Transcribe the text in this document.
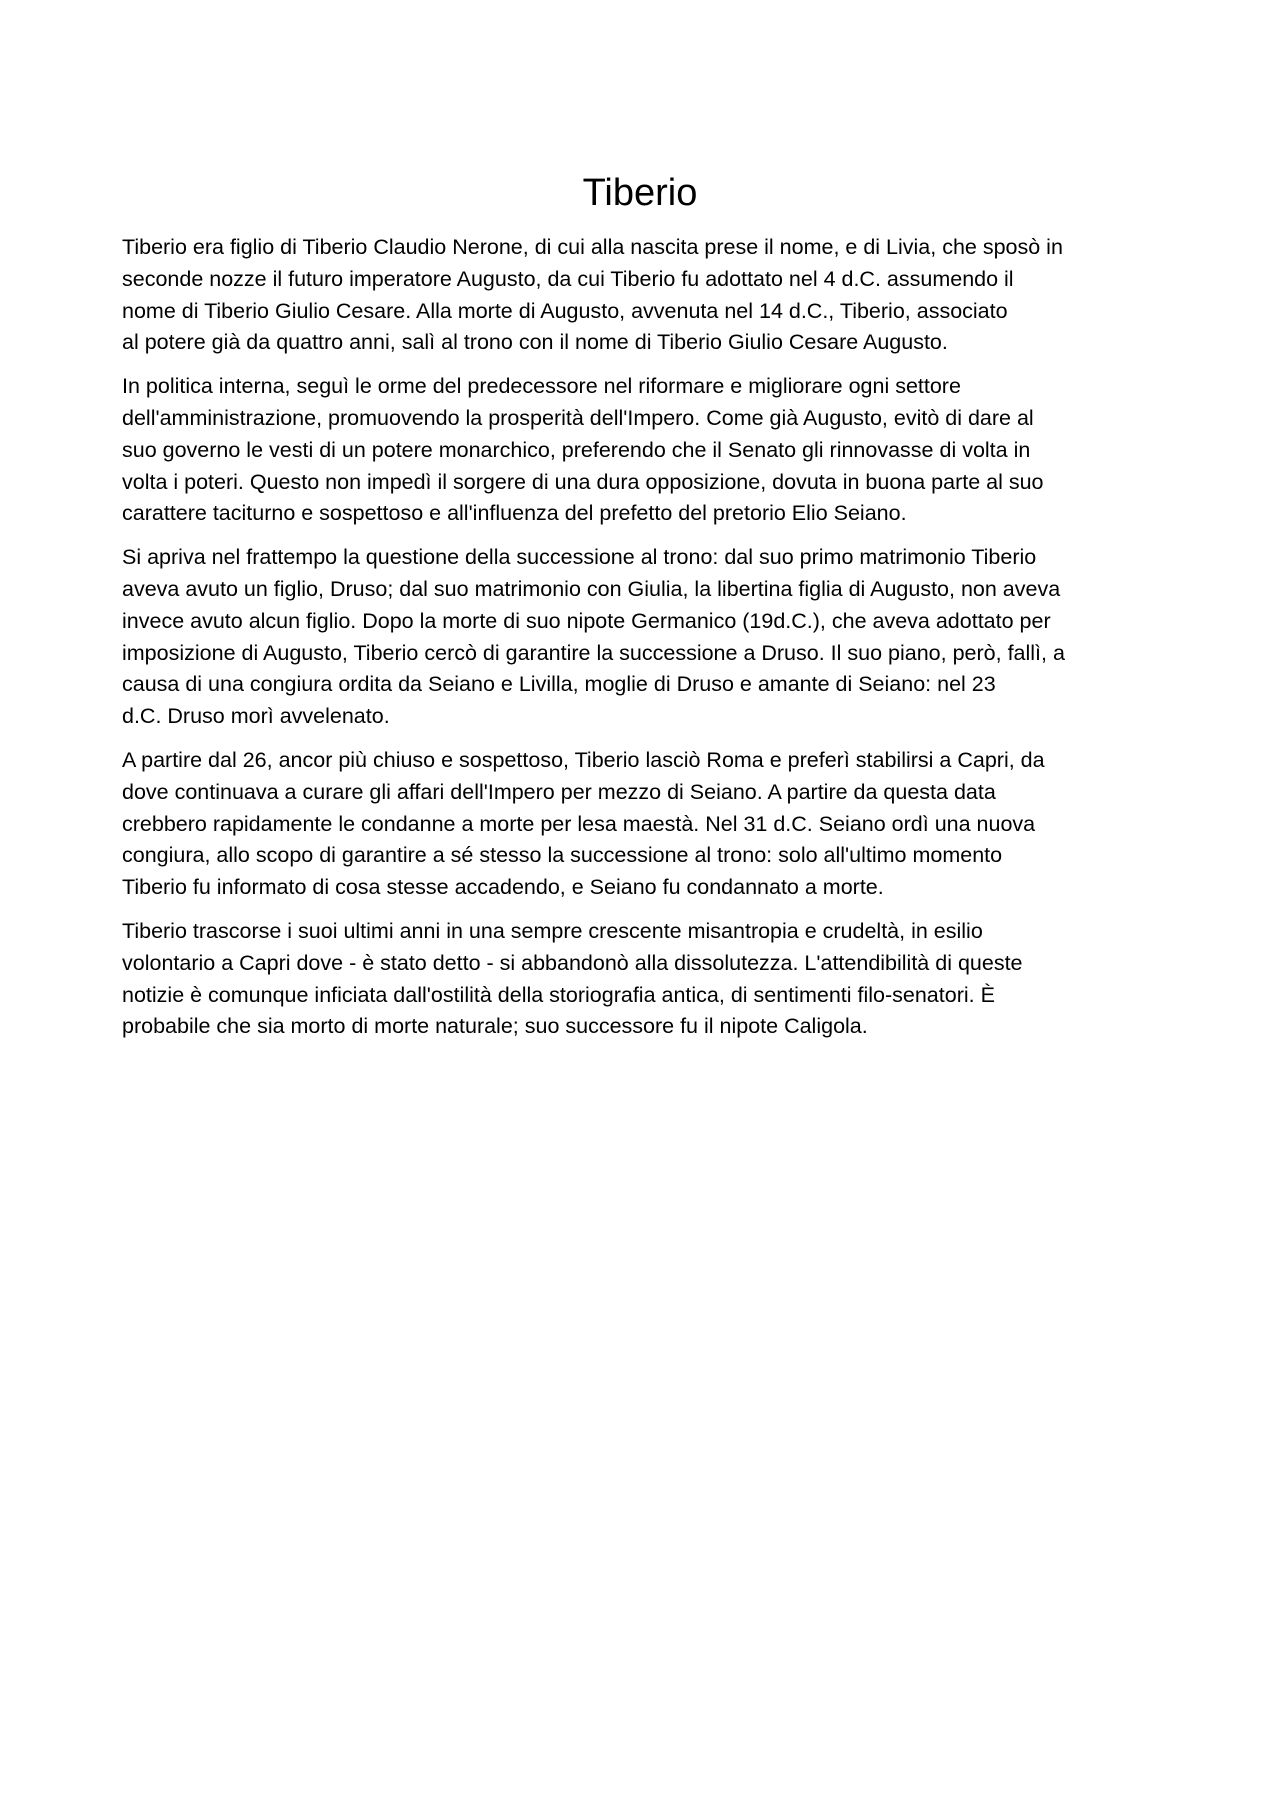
Tiberio

Tiberio era figlio di Tiberio Claudio Nerone, di cui alla nascita prese il nome, e di Livia, che sposò in
seconde nozze il futuro imperatore Augusto, da cui Tiberio fu adottato nel 4 d.C. assumendo il
nome di Tiberio Giulio Cesare. Alla morte di Augusto, avvenuta nel 14 d.C., Tiberio, associato
al potere già da quattro anni, salì al trono con il nome di Tiberio Giulio Cesare Augusto.

In politica interna, seguì le orme del predecessore nel riformare e migliorare ogni settore
dell'amministrazione, promuovendo la prosperità dell'Impero. Come già Augusto, evitò di dare al
suo governo le vesti di un potere monarchico, preferendo che il Senato gli rinnovasse di volta in
volta i poteri. Questo non impedì il sorgere di una dura opposizione, dovuta in buona parte al suo
carattere taciturno e sospettoso e all'influenza del prefetto del pretorio Elio Seiano.

Si apriva nel frattempo la questione della successione al trono: dal suo primo matrimonio Tiberio
aveva avuto un figlio, Druso; dal suo matrimonio con Giulia, la libertina figlia di Augusto, non aveva
invece avuto alcun figlio. Dopo la morte di suo nipote Germanico (19d.C.), che aveva adottato per
imposizione di Augusto, Tiberio cercò di garantire la successione a Druso. Il suo piano, però, fallì, a
causa di una congiura ordita da Seiano e Livilla, moglie di Druso e amante di Seiano: nel 23
d.C. Druso morì avvelenato.

A partire dal 26, ancor più chiuso e sospettoso, Tiberio lasciò Roma e preferì stabilirsi a Capri, da
dove continuava a curare gli affari dell'Impero per mezzo di Seiano. A partire da questa data
crebbero rapidamente le condanne a morte per lesa maestà. Nel 31 d.C. Seiano ordì una nuova
congiura, allo scopo di garantire a sé stesso la successione al trono: solo all'ultimo momento
Tiberio fu informato di cosa stesse accadendo, e Seiano fu condannato a morte.

Tiberio trascorse i suoi ultimi anni in una sempre crescente misantropia e crudeltà, in esilio
volontario a Capri dove - è stato detto - si abbandonò alla dissolutezza. L'attendibilità di queste
notizie è comunque inficiata dall'ostilità della storiografia antica, di sentimenti filo-senatori. È
probabile che sia morto di morte naturale; suo successore fu il nipote Caligola.
